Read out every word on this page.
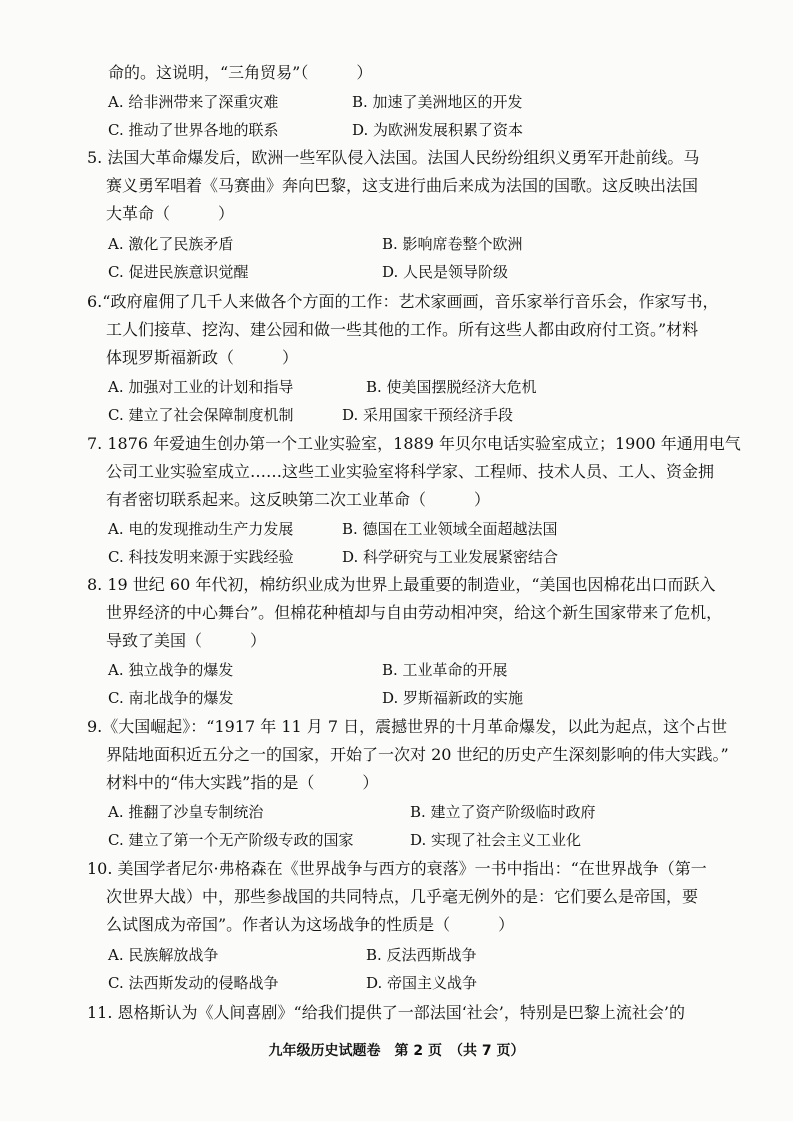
命的。这说明，“三角贸易”（　　　）
A. 给非洲带来了深重灾难	B. 加速了美洲地区的开发
C. 推动了世界各地的联系	D. 为欧洲发展积累了资本
5. 法国大革命爆发后，欧洲一些军队侵入法国。法国人民纷纷组织义勇军开赴前线。马
赛义勇军唱着《马赛曲》奔向巴黎，这支进行曲后来成为法国的国歌。这反映出法国
大革命（　　　）
A. 激化了民族矛盾	B. 影响席卷整个欧洲
C. 促进民族意识觉醒	D. 人民是领导阶级
6.“政府雇佣了几千人来做各个方面的工作：艺术家画画，音乐家举行音乐会，作家写书，
工人们接草、挖沟、建公园和做一些其他的工作。所有这些人都由政府付工资。”材料
体现罗斯福新政（　　　）
A. 加强对工业的计划和指导	B. 使美国摆脱经济大危机
C. 建立了社会保障制度机制	D. 采用国家干预经济手段
7. 1876 年爱迪生创办第一个工业实验室，1889 年贝尔电话实验室成立；1900 年通用电气
公司工业实验室成立……这些工业实验室将科学家、工程师、技术人员、工人、资金拥
有者密切联系起来。这反映第二次工业革命（　　　）
A. 电的发现推动生产力发展	B. 德国在工业领域全面超越法国
C. 科技发明来源于实践经验	D. 科学研究与工业发展紧密结合
8. 19 世纪 60 年代初，棉纺织业成为世界上最重要的制造业，“美国也因棉花出口而跃入
世界经济的中心舞台”。但棉花种植却与自由劳动相冲突，给这个新生国家带来了危机，
导致了美国（　　　）
A. 独立战争的爆发	B. 工业革命的开展
C. 南北战争的爆发	D. 罗斯福新政的实施
9.《大国崛起》：“1917 年 11 月 7 日，震撼世界的十月革命爆发，以此为起点，这个占世
界陆地面积近五分之一的国家，开始了一次对 20 世纪的历史产生深刻影响的伟大实践。”
材料中的“伟大实践”指的是（　　　）
A. 推翻了沙皇专制统治	B. 建立了资产阶级临时政府
C. 建立了第一个无产阶级专政的国家	D. 实现了社会主义工业化
10. 美国学者尼尔·弗格森在《世界战争与西方的衰落》一书中指出：“在世界战争（第一
次世界大战）中，那些参战国的共同特点，几乎毫无例外的是：它们要么是帝国，要
么试图成为帝国”。作者认为这场战争的性质是（　　　）
A. 民族解放战争	B. 反法西斯战争
C. 法西斯发动的侵略战争	D. 帝国主义战争
11. 恩格斯认为《人间喜剧》“给我们提供了一部法国‘社会’，特别是巴黎上流社会’的
九年级历史试题卷　第 2 页　（共 7 页）
